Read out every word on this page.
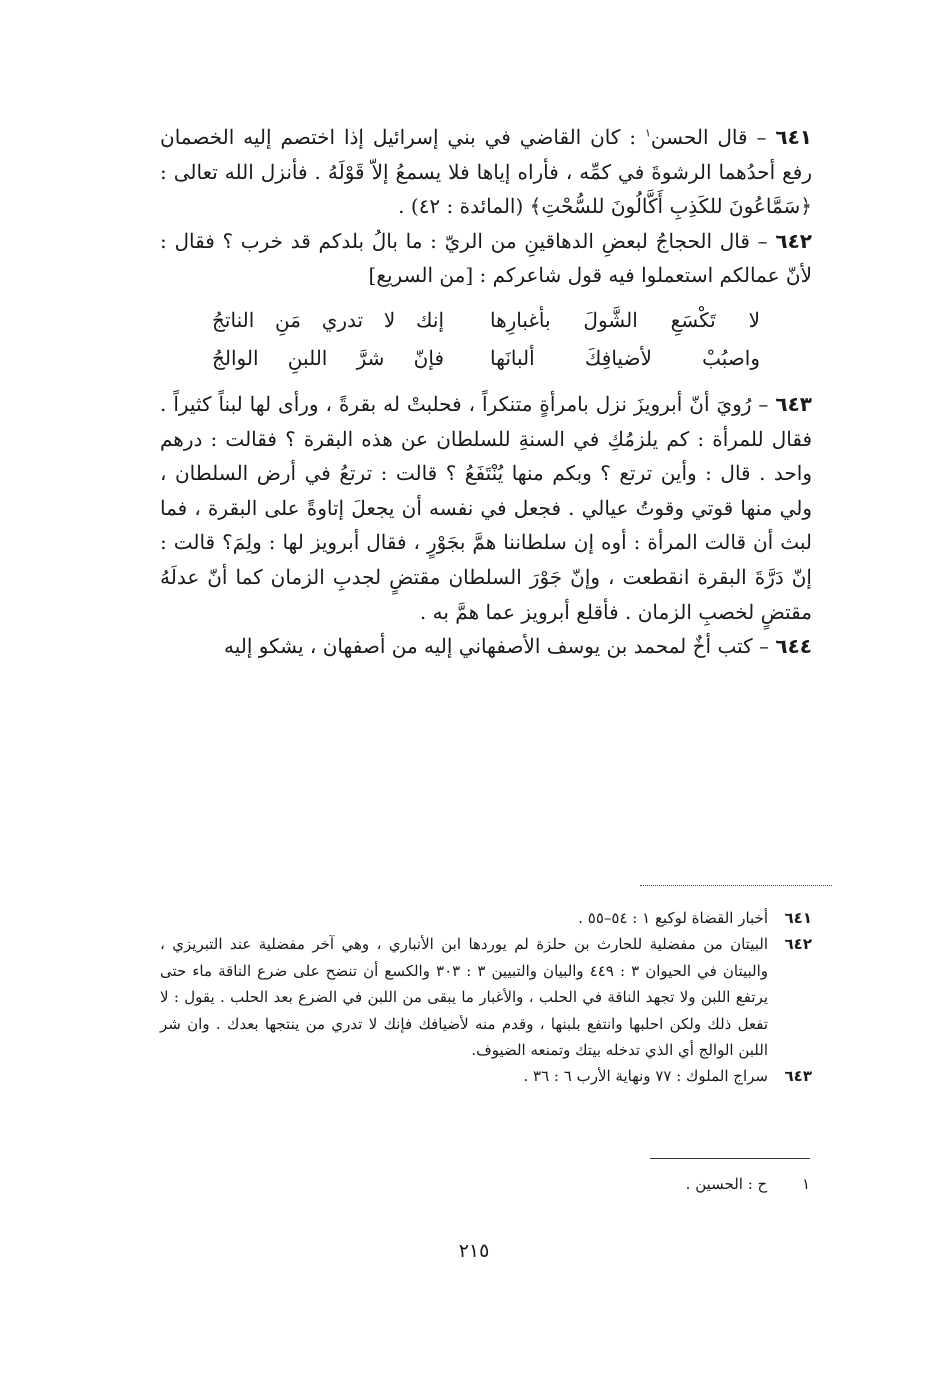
٦٤١ – قال الحسن$^١$ : كان القاضي في بني إسرائيل إذا اختصم إليه الخصمان رفع أحدُهما الرشوةَ في كمِّه ، فأراه إياها فلا يسمعُ إلاّ قَوْلَهُ . فأنزل الله تعالى : ﴿سَمَّاعُونَ للكَذِبِ أَكَّالُونَ للسُّحْتِ﴾ (المائدة : ٤٢) .

٦٤٢ – قال الحجاجُ لبعضِ الدهاقينِ من الريّ : ما بالُ بلدكم قد خرب ؟ فقال : لأنّ عمالكم استعملوا فيه قول شاعركم : [من السريع]

لا تَكْسَعِ الشَّولَ بأغبارِها
إنك لا تدري مَنِ الناتجُ
واصبُبْ لأضيافِكَ ألبانَها
فإنّ شرَّ اللبنِ الوالجُ

٦٤٣ – رُويَ أنّ أبرويزَ نزل بامرأةٍ متنكراً ، فحلبتْ له بقرةً ، ورأى لها لبناً كثيراً . فقال للمرأة : كم يلزمُكِ في السنةِ للسلطان عن هذه البقرة ؟ فقالت : درهم واحد . قال : وأين ترتع ؟ وبكم منها يُنْتَفَعُ ؟ قالت : ترتعُ في أرض السلطان ، ولي منها قوتي وقوتُ عيالي . فجعل في نفسه أن يجعلَ إتاوةً على البقرة ، فما لبث أن قالت المرأة : أوه إن سلطاننا همَّ بجَوْرٍ ، فقال أبرويز لها : ولِمَ؟ قالت : إنّ دَرَّةَ البقرة انقطعت ، وإنّ جَوْرَ السلطان مقتضٍ لجدبِ الزمان كما أنّ عدلَهُ مقتضٍ لخصبِ الزمان . فأقلع أبرويز عما همَّ به .

٦٤٤ – كتب أخٌ لمحمد بن يوسف الأصفهاني إليه من أصفهان ، يشكو إليه

٦٤١
أخبار القضاة لوكيع ١ : ٥٤–٥٥ .
٦٤٢
البيتان من مفضلية للحارث بن حلزة لم يوردها ابن الأنباري ، وهي آخر مفضلية عند التبريزي ، والبيتان في الحيوان ٣ : ٤٤٩ والبيان والتبيين ٣ : ٣٠٣ والكسع أن تنضح على ضرع الناقة ماء حتى يرتفع اللبن ولا تجهد الناقة في الحلب ، والأغبار ما يبقى من اللبن في الضرع بعد الحلب . يقول : لا تفعل ذلك ولكن احلبها وانتفع بلبنها ، وقدم منه لأضيافك فإنك لا تدري من ينتجها بعدك . وان شر اللبن الوالج أي الذي تدخله بيتك وتمنعه الضيوف.
٦٤٣
سراج الملوك : ٧٧ ونهاية الأرب ٦ : ٣٦ .
١ ح : الحسين .
٢١٥
